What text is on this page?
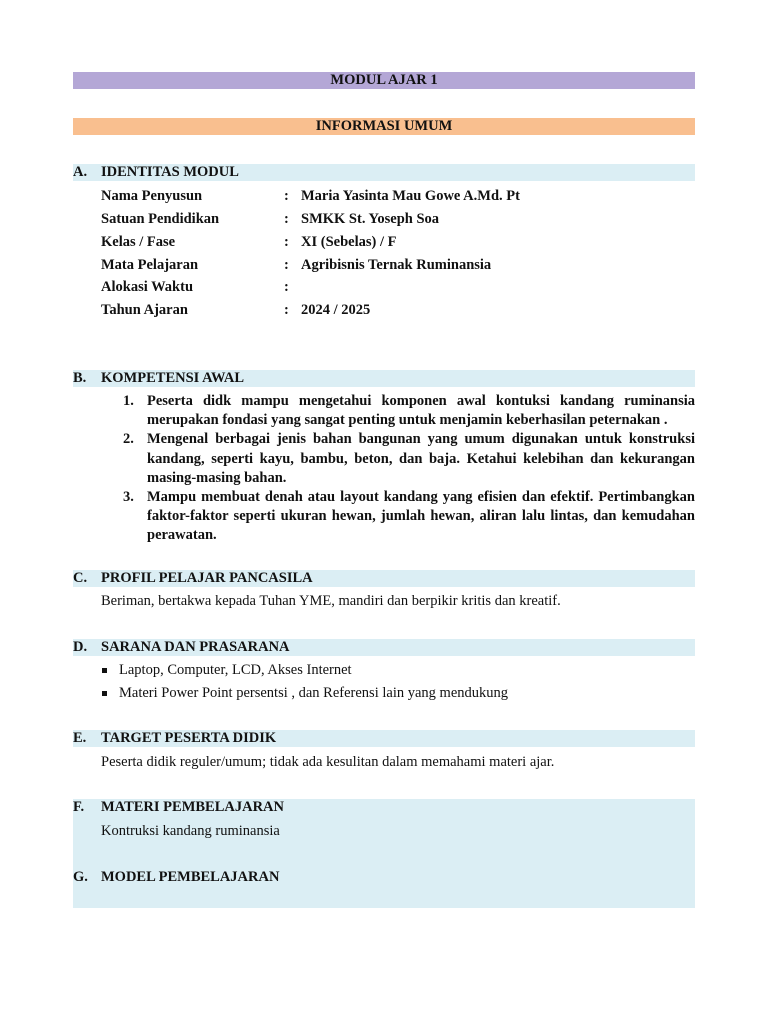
MODUL AJAR 1
INFORMASI UMUM
A. IDENTITAS MODUL
Nama Penyusun	: Maria Yasinta Mau Gowe A.Md. Pt
Satuan Pendidikan	: SMKK St. Yoseph Soa
Kelas / Fase	: XI (Sebelas) / F
Mata Pelajaran	: Agribisnis Ternak Ruminansia
Alokasi Waktu	:
Tahun Ajaran	: 2024 / 2025
B. KOMPETENSI AWAL
1. Peserta didk mampu mengetahui komponen awal kontuksi kandang ruminansia merupakan fondasi yang sangat penting untuk menjamin keberhasilan peternakan .
2. Mengenal berbagai jenis bahan bangunan yang umum digunakan untuk konstruksi kandang, seperti kayu, bambu, beton, dan baja. Ketahui kelebihan dan kekurangan masing-masing bahan.
3. Mampu membuat denah atau layout kandang yang efisien dan efektif. Pertimbangkan faktor-faktor seperti ukuran hewan, jumlah hewan, aliran lalu lintas, dan kemudahan perawatan.
C. PROFIL PELAJAR PANCASILA
Beriman, bertakwa kepada Tuhan YME, mandiri dan berpikir kritis dan kreatif.
D. SARANA DAN PRASARANA
Laptop, Computer, LCD, Akses Internet
Materi Power Point persentsi , dan Referensi lain yang mendukung
E. TARGET PESERTA DIDIK
Peserta didik reguler/umum; tidak ada kesulitan dalam memahami materi ajar.
F. MATERI PEMBELAJARAN
Kontruksi kandang ruminansia
G. MODEL PEMBELAJARAN
